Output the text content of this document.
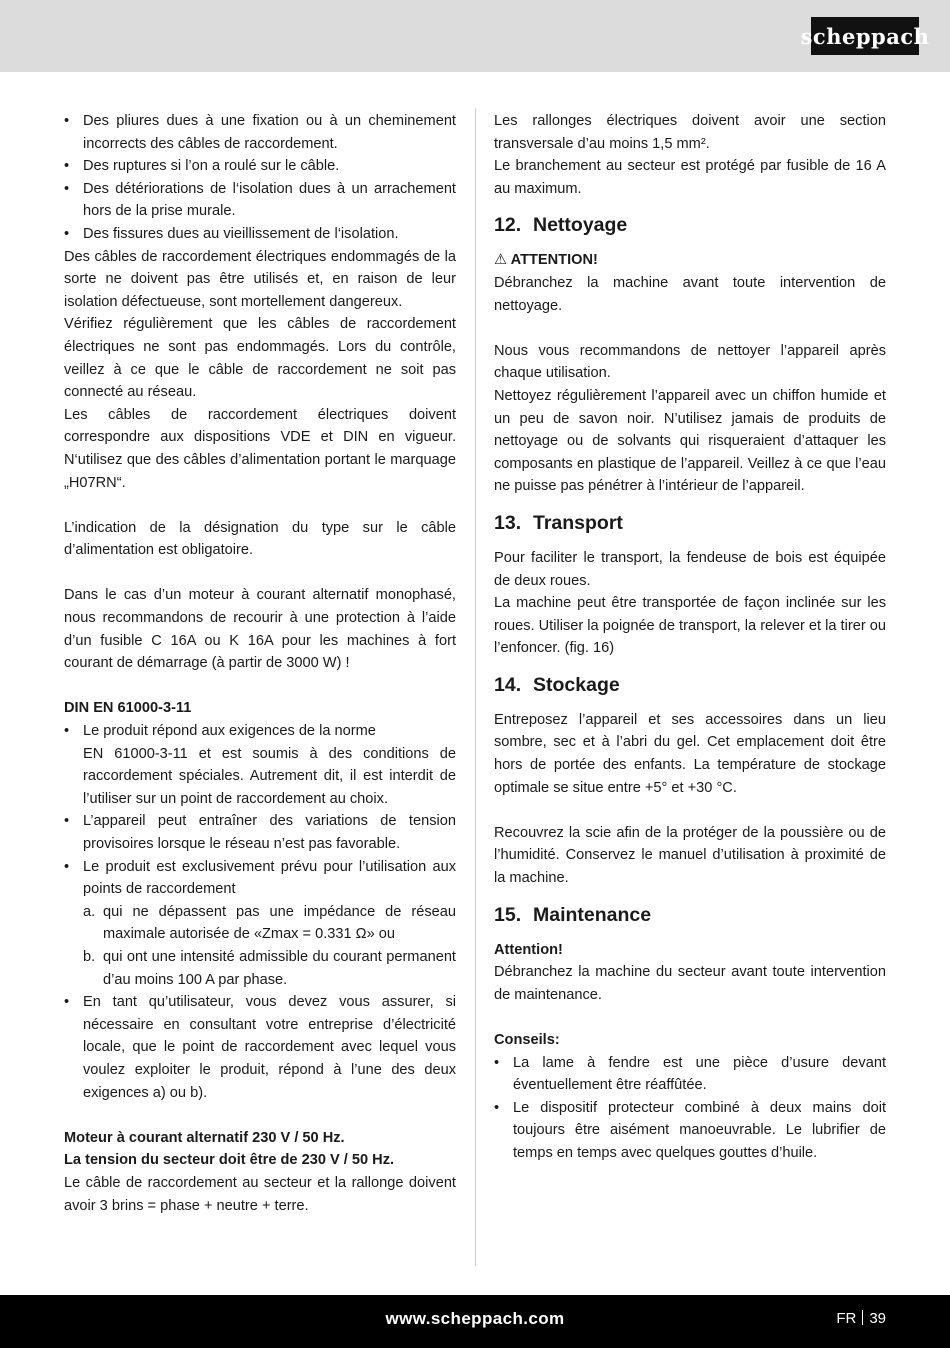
scheppach
• Des pliures dues à une fixation ou à un cheminement incorrects des câbles de raccordement.
• Des ruptures si l’on a roulé sur le câble.
• Des détériorations de l‘isolation dues à un arrachement hors de la prise murale.
• Des fissures dues au vieillissement de l‘isolation.

Des câbles de raccordement électriques endommagés de la sorte ne doivent pas être utilisés et, en raison de leur isolation défectueuse, sont mortellement dangereux.

Vérifiez régulièrement que les câbles de raccordement électriques ne sont pas endommagés. Lors du contrôle, veillez à ce que le câble de raccordement ne soit pas connecté au réseau.

Les câbles de raccordement électriques doivent correspondre aux dispositions VDE et DIN en vigueur. N‘utilisez que des câbles d’alimentation portant le marquage „H07RN“.

L’indication de la désignation du type sur le câble d’alimentation est obligatoire.

Dans le cas d’un moteur à courant alternatif monophasé, nous recommandons de recourir à une protection à l’aide d’un fusible C 16A ou K 16A pour les machines à fort courant de démarrage (à partir de 3000 W) !

DIN EN 61000-3-11

• Le produit répond aux exigences de la norme
EN 61000-3-11 et est soumis à des conditions de raccordement spéciales. Autrement dit, il est interdit de l’utiliser sur un point de raccordement au choix.
• L’appareil peut entraîner des variations de tension provisoires lorsque le réseau n’est pas favorable.
• Le produit est exclusivement prévu pour l’utilisation aux points de raccordement
a. qui ne dépassent pas une impédance de réseau maximale autorisée de «Zmax = 0.331 Ω» ou
b. qui ont une intensité admissible du courant permanent d’au moins 100 A par phase.
• En tant qu’utilisateur, vous devez vous assurer, si nécessaire en consultant votre entreprise d’électricité locale, que le point de raccordement avec lequel vous voulez exploiter le produit, répond à l’une des deux exigences a) ou b).

Moteur à courant alternatif 230 V / 50 Hz.

La tension du secteur doit être de 230 V / 50 Hz.

Le câble de raccordement au secteur et la rallonge doivent avoir 3 brins = phase + neutre + terre.

Les rallonges électriques doivent avoir une section transversale d’au moins 1,5 mm².

Le branchement au secteur est protégé par fusible de 16 A au maximum.

12. Nettoyage

⚠ ATTENTION!

Débranchez la machine avant toute intervention de nettoyage.

Nous vous recommandons de nettoyer l’appareil après chaque utilisation.

Nettoyez régulièrement l’appareil avec un chiffon humide et un peu de savon noir. N’utilisez jamais de produits de nettoyage ou de solvants qui risqueraient d’attaquer les composants en plastique de l’appareil. Veillez à ce que l’eau ne puisse pas pénétrer à l’intérieur de l’appareil.

13. Transport

Pour faciliter le transport, la fendeuse de bois est équipée de deux roues.

La machine peut être transportée de façon inclinée sur les roues. Utiliser la poignée de transport, la relever et la tirer ou l’enfoncer. (fig. 16)

14. Stockage

Entreposez l’appareil et ses accessoires dans un lieu sombre, sec et à l’abri du gel. Cet emplacement doit être hors de portée des enfants. La température de stockage optimale se situe entre +5° et +30 °C.

Recouvrez la scie afin de la protéger de la poussière ou de l’humidité. Conservez le manuel d’utilisation à proximité de la machine.

15. Maintenance

Attention!

Débranchez la machine du secteur avant toute intervention de maintenance.

Conseils:

• La lame à fendre est une pièce d’usure devant éventuellement être réaffûtée.
• Le dispositif protecteur combiné à deux mains doit toujours être aisément manoeuvrable. Le lubrifier de temps en temps avec quelques gouttes d’huile.
www.scheppach.com	FR 39
